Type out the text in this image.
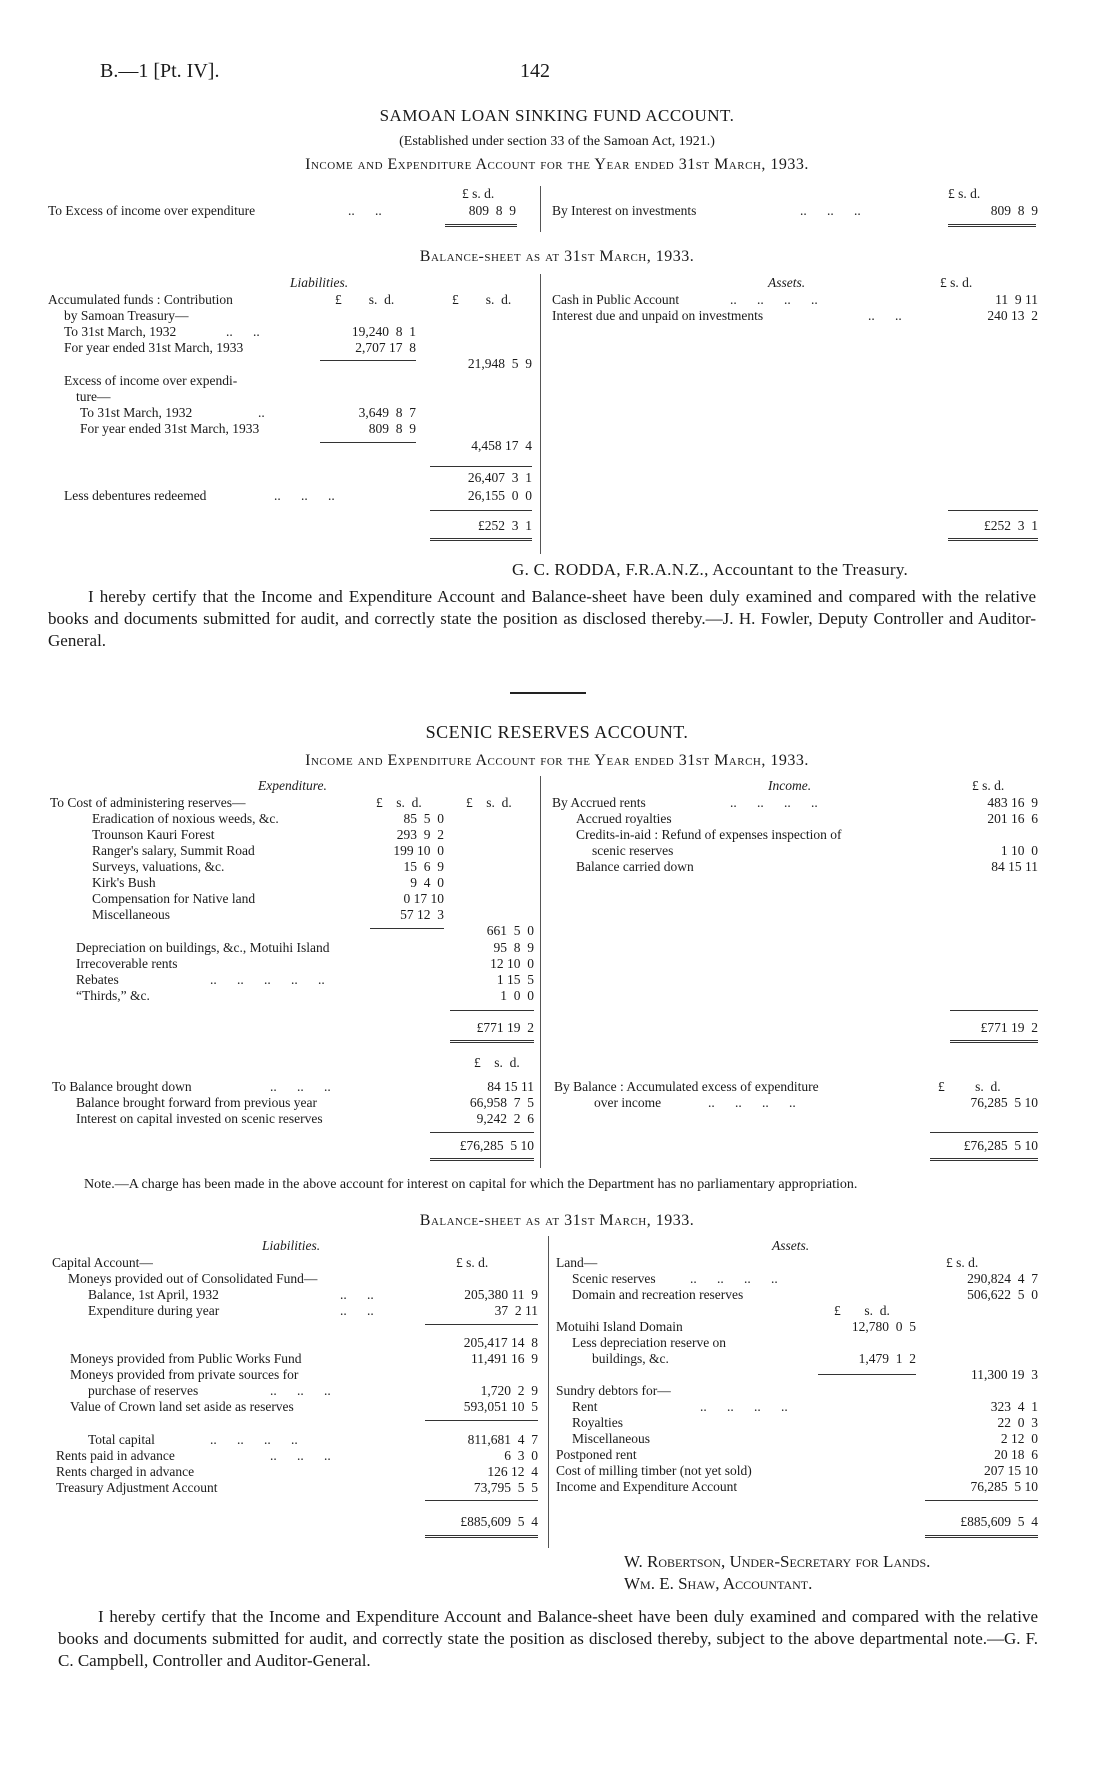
B.—1 [Pt. IV].	142
SAMOAN LOAN SINKING FUND ACCOUNT.
(Established under section 33 of the Samoan Act, 1921.)
Income and Expenditure Account for the Year ended 31st March, 1933.
£ s. d.
To Excess of income over expenditure	..      ..	809  8  9
£ s. d.
By Interest on investments	..      ..      ..	809  8  9
Balance-sheet as at 31st March, 1933.
Liabilities.	Assets.	£ s. d.
Accumulated funds : Contribution	£        s.  d.	£        s.  d.
by Samoan Treasury—
To 31st March, 1932	..      ..	19,240  8  1
For year ended 31st March, 1933	2,707 17  8
21,948  5  9
Excess of income over expendi-
ture—
To 31st March, 1932	..	3,649  8  7
For year ended 31st March, 1933	809  8  9
4,458 17  4
26,407  3  1
Less debentures redeemed	..      ..      ..	26,155  0  0
£252  3  1
Cash in Public Account	..      ..      ..      ..	11  9 11
Interest due and unpaid on investments	..      ..	240 13  2
£252  3  1
G. C. RODDA, F.R.A.N.Z., Accountant to the Treasury.
I hereby certify that the Income and Expenditure Account and Balance-sheet have been duly examined and compared with the relative books and documents submitted for audit, and correctly state the position as disclosed thereby.—J. H. Fowler, Deputy Controller and Auditor-General.
SCENIC RESERVES ACCOUNT.
Income and Expenditure Account for the Year ended 31st March, 1933.
Expenditure.	Income.	£ s. d.
To Cost of administering reserves—	£    s.  d.	£    s.  d.
Eradication of noxious weeds, &c.	85  5  0
Trounson Kauri Forest	293  9  2
Ranger's salary, Summit Road	199 10  0
Surveys, valuations, &c.	15  6  9
Kirk's Bush	9  4  0
Compensation for Native land	0 17 10
Miscellaneous	57 12  3
661  5  0
Depreciation on buildings, &c., Motuihi Island	95  8  9
Irrecoverable rents	12 10  0
Rebates	1 15  5
“Thirds,” &c.	1  0  0
..      ..      ..      ..      ..
£771 19  2
By Accrued rents	483 16  9
Accrued royalties	201 16  6
Credits-in-aid : Refund of expenses inspection of
scenic reserves	1 10  0
Balance carried down	84 15 11
..      ..      ..      ..
£771 19  2
£    s.  d.
To Balance brought down	84 15 11
Balance brought forward from previous year	66,958  7  5
Interest on capital invested on scenic reserves	9,242  2  6
..      ..      ..
£76,285  5 10
By Balance : Accumulated excess of expenditure	£         s.  d.
over income	..      ..      ..      ..	76,285  5 10
£76,285  5 10
Note.—A charge has been made in the above account for interest on capital for which the Department has no parliamentary appropriation.
Balance-sheet as at 31st March, 1933.
Liabilities.	Assets.
£ s. d.	£ s. d.
Capital Account—
Moneys provided out of Consolidated Fund—
Balance, 1st April, 1932	..      ..	205,380 11  9
Expenditure during year	..      ..	37  2 11
205,417 14  8
Moneys provided from Public Works Fund	11,491 16  9
Moneys provided from private sources for
purchase of reserves	..      ..      ..	1,720  2  9
Value of Crown land set aside as reserves	593,051 10  5
Total capital	..      ..      ..      ..	811,681  4  7
Rents paid in advance	6  3  0
Rents charged in advance	126 12  4
Treasury Adjustment Account	73,795  5  5
..      ..      ..
£885,609  5  4
Land—
Scenic reserves	290,824  4  7
Domain and recreation reserves	506,622  5  0
..      ..      ..      ..
£       s.  d.
Motuihi Island Domain	12,780  0  5
Less depreciation reserve on
buildings, &c.	1,479  1  2
11,300 19  3
Sundry debtors for—
Rent	323  4  1
Royalties	22  0  3
Miscellaneous	2 12  0
Postponed rent	20 18  6
Cost of milling timber (not yet sold)	207 15 10
Income and Expenditure Account	76,285  5 10
..      ..      ..      ..
£885,609  5  4
W. Robertson, Under-Secretary for Lands.
Wm. E. Shaw, Accountant.
I hereby certify that the Income and Expenditure Account and Balance-sheet have been duly examined and compared with the relative books and documents submitted for audit, and correctly state the position as disclosed thereby, subject to the above departmental note.—G. F. C. Campbell, Controller and Auditor-General.
